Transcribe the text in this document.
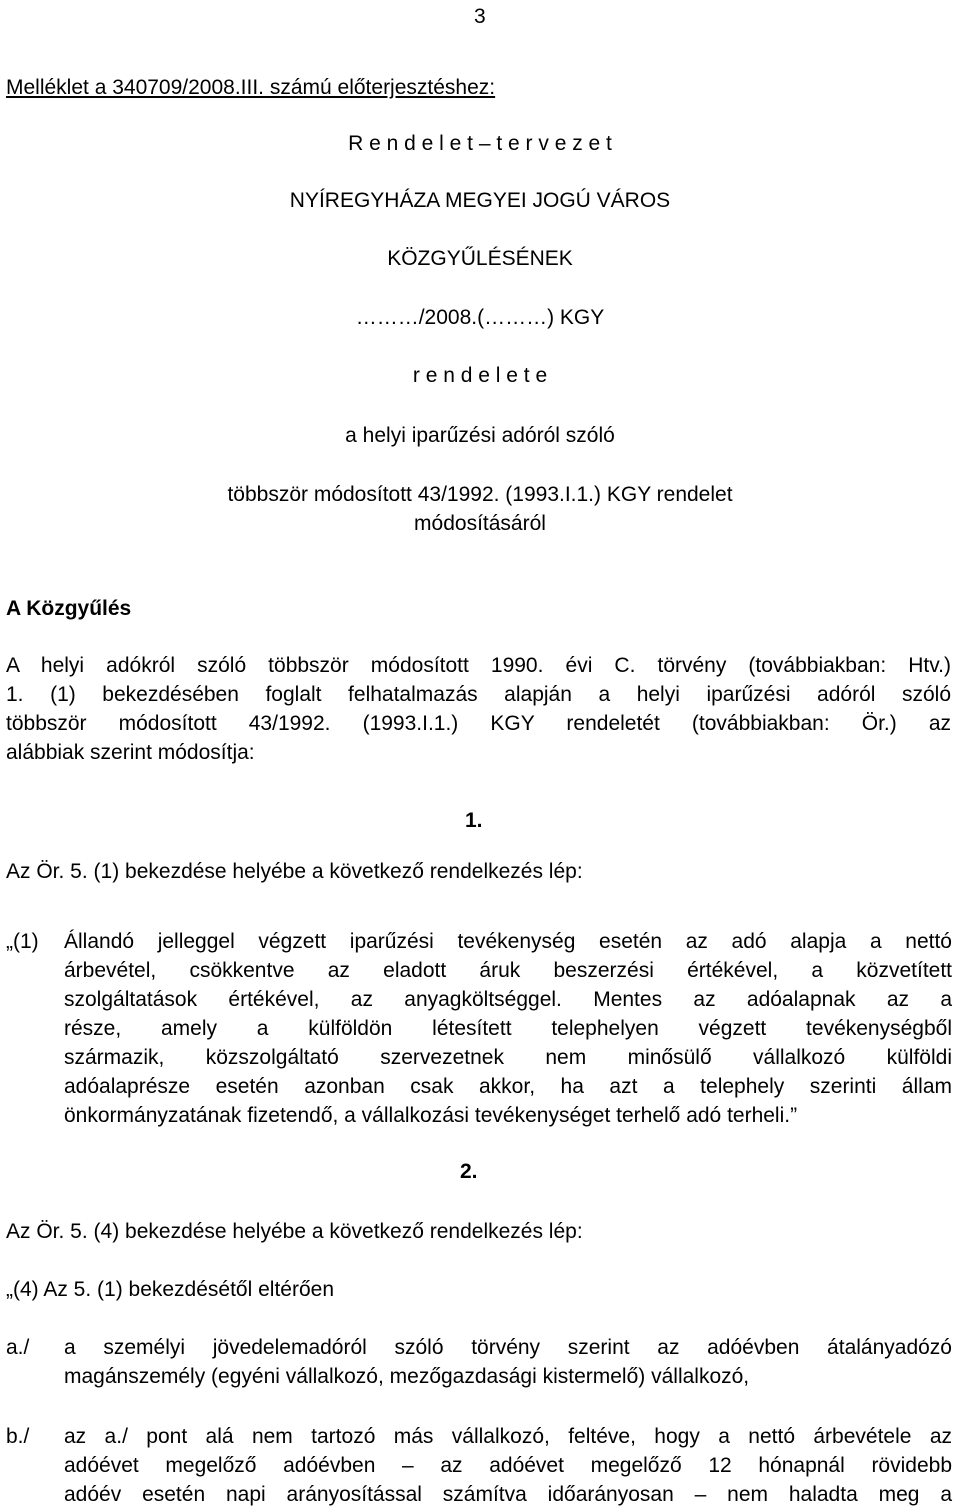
3
Melléklet a 340709/2008.III. számú előterjesztéshez:
R e n d e l e t – t e r v e z e t
NYÍREGYHÁZA MEGYEI JOGÚ VÁROS
KÖZGYŰLÉSÉNEK
………/2008.(………) KGY
r e n d e l e t e
a helyi iparűzési adóról szóló
többször módosított 43/1992. (1993.I.1.) KGY rendelet
módosításáról
A Közgyűlés
A helyi adókról szóló többször módosított 1990. évi C. törvény (továbbiakban: Htv.)
1. (1) bekezdésében foglalt felhatalmazás alapján a helyi iparűzési adóról szóló
többször módosított 43/1992. (1993.I.1.) KGY rendeletét (továbbiakban: Ör.) az
alábbiak szerint módosítja:
1.
Az Ör. 5. (1) bekezdése helyébe a következő rendelkezés lép:
„(1) Állandó jelleggel végzett iparűzési tevékenység esetén az adó alapja a nettó
árbevétel, csökkentve az eladott áruk beszerzési értékével, a közvetített
szolgáltatások értékével, az anyagköltséggel. Mentes az adóalapnak az a
része, amely a külföldön létesített telephelyen végzett tevékenységből
származik, közszolgáltató szervezetnek nem minősülő vállalkozó külföldi
adóalaprésze esetén azonban csak akkor, ha azt a telephely szerinti állam
önkormányzatának fizetendő, a vállalkozási tevékenységet terhelő adó terheli.”
2.
Az Ör. 5. (4) bekezdése helyébe a következő rendelkezés lép:
„(4) Az 5. (1) bekezdésétől eltérően
a./ a személyi jövedelemadóról szóló törvény szerint az adóévben átalányadózó
magánszemély (egyéni vállalkozó, mezőgazdasági kistermelő) vállalkozó,
b./ az a./ pont alá nem tartozó más vállalkozó, feltéve, hogy a nettó árbevétele az
adóévet megelőző adóévben – az adóévet megelőző 12 hónapnál rövidebb
adóév esetén napi arányosítással számítva időarányosan – nem haladta meg a
